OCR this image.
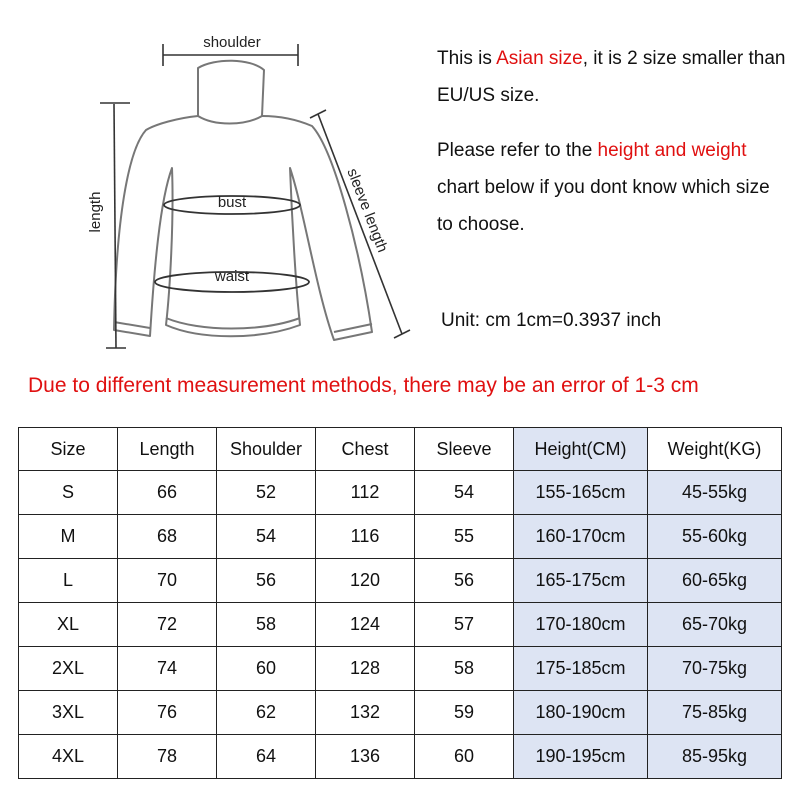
shoulder
length	bust
waist
sleeve length
This is Asian size, it is 2 size smaller than EU/US size.
Please refer to the height and weight chart below if you dont know which size to choose.
Unit: cm 1cm=0.3937 inch
Due to different measurement methods, there may be an error of 1-3 cm
Size	Length	Shoulder	Chest	Sleeve	Height(CM)	Weight(KG)
S	66	52	112	54	155-165cm	45-55kg
M	68	54	116	55	160-170cm	55-60kg
L	70	56	120	56	165-175cm	60-65kg
XL	72	58	124	57	170-180cm	65-70kg
2XL	74	60	128	58	175-185cm	70-75kg
3XL	76	62	132	59	180-190cm	75-85kg
4XL	78	64	136	60	190-195cm	85-95kg
